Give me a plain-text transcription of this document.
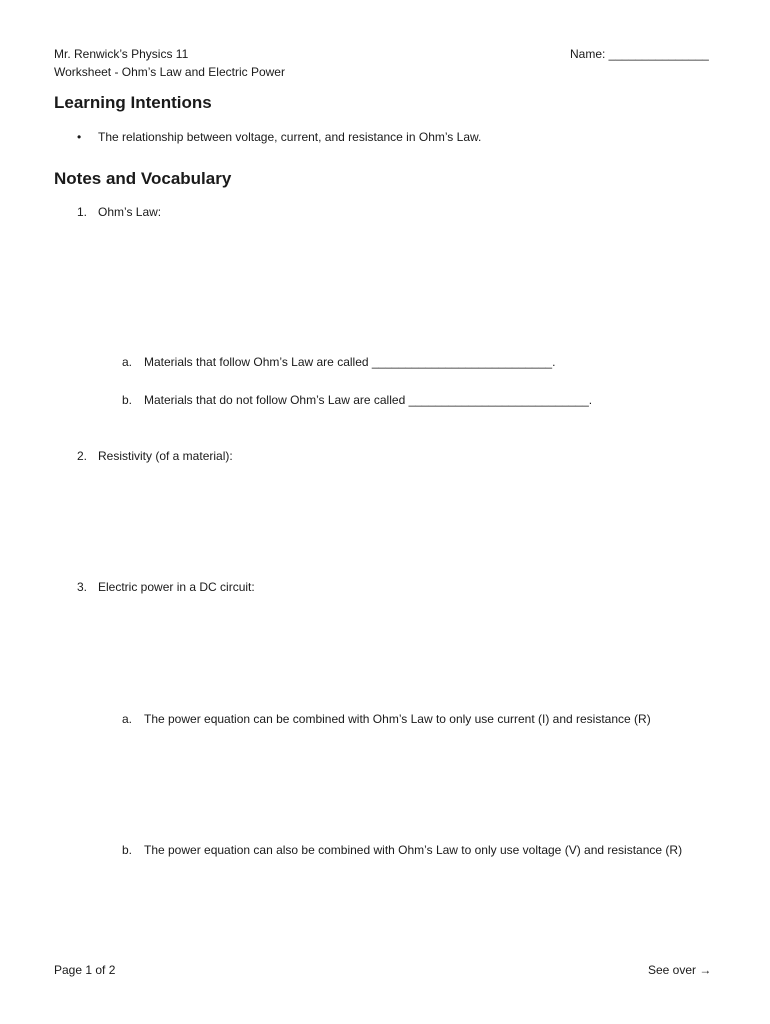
Mr. Renwick’s Physics 11
Worksheet - Ohm’s Law and Electric Power
Name: _______________
Learning Intentions
• The relationship between voltage, current, and resistance in Ohm’s Law.
Notes and Vocabulary
1. Ohm’s Law:
a. Materials that follow Ohm’s Law are called ___________________________.
b. Materials that do not follow Ohm’s Law are called ___________________________.
2. Resistivity (of a material):
3. Electric power in a DC circuit:
a. The power equation can be combined with Ohm’s Law to only use current (I) and resistance (R)
b. The power equation can also be combined with Ohm’s Law to only use voltage (V) and resistance (R)
Page 1 of 2	See over →
